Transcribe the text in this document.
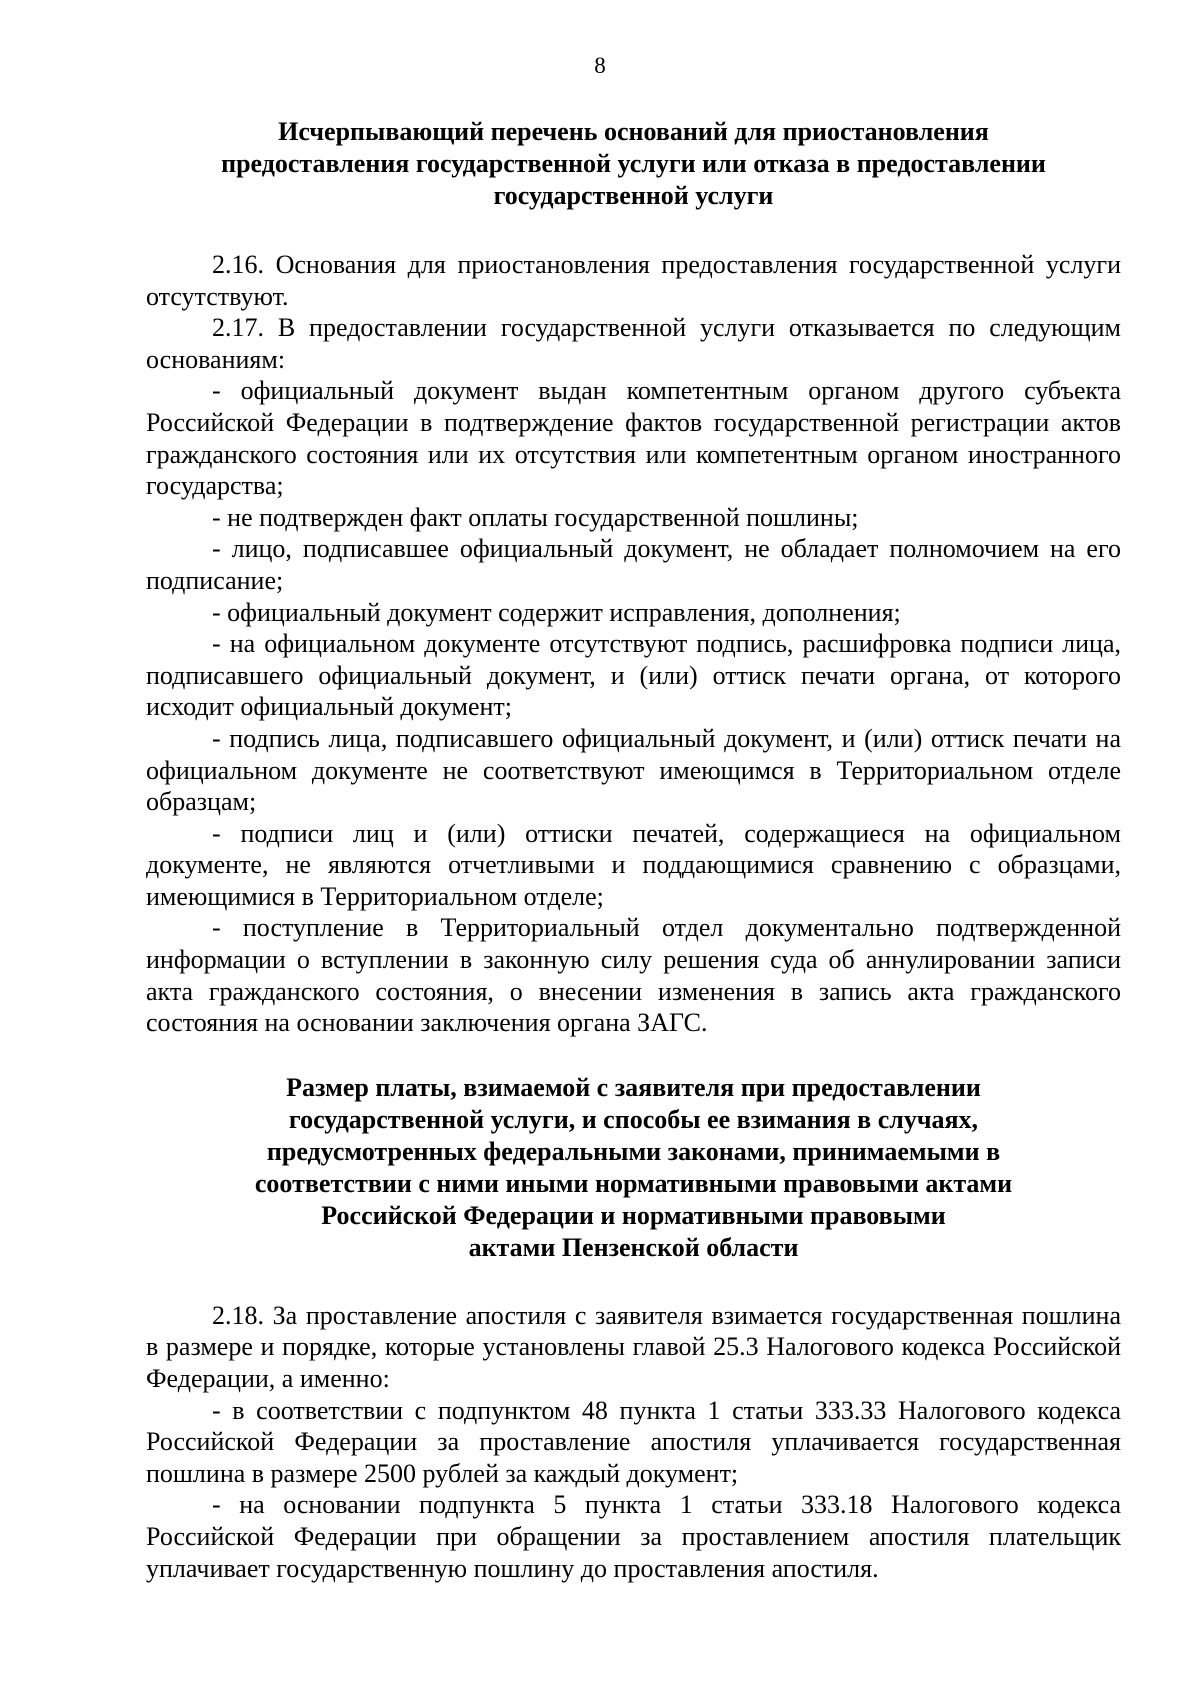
8
Исчерпывающий перечень оснований для приостановления
предоставления государственной услуги или отказа в предоставлении
государственной услуги

2.16. Основания для приостановления предоставления государственной услуги отсутствуют.

2.17. В предоставлении государственной услуги отказывается по следующим основаниям:

- официальный документ выдан компетентным органом другого субъекта Российской Федерации в подтверждение фактов государственной регистрации актов гражданского состояния или их отсутствия или компетентным органом иностранного государства;

- не подтвержден факт оплаты государственной пошлины;

- лицо, подписавшее официальный документ, не обладает полномочием на его подписание;

- официальный документ содержит исправления, дополнения;

- на официальном документе отсутствуют подпись, расшифровка подписи лица, подписавшего официальный документ, и (или) оттиск печати органа, от которого исходит официальный документ;

- подпись лица, подписавшего официальный документ, и (или) оттиск печати на официальном документе не соответствуют имеющимся в Территориальном отделе образцам;

- подписи лиц и (или) оттиски печатей, содержащиеся на официальном документе, не являются отчетливыми и поддающимися сравнению с образцами, имеющимися в Территориальном отделе;

- поступление в Территориальный отдел документально подтвержденной информации о вступлении в законную силу решения суда об аннулировании записи акта гражданского состояния, о внесении изменения в запись акта гражданского состояния на основании заключения органа ЗАГС.

Размер платы, взимаемой с заявителя при предоставлении
государственной услуги, и способы ее взимания в случаях,
предусмотренных федеральными законами, принимаемыми в
соответствии с ними иными нормативными правовыми актами
Российской Федерации и нормативными правовыми
актами Пензенской области

2.18. За проставление апостиля с заявителя взимается государственная пошлина в размере и порядке, которые установлены главой 25.3 Налогового кодекса Российской Федерации, а именно:

- в соответствии с подпунктом 48 пункта 1 статьи 333.33 Налогового кодекса Российской Федерации за проставление апостиля уплачивается государственная пошлина в размере 2500 рублей за каждый документ;

- на основании подпункта 5 пункта 1 статьи 333.18 Налогового кодекса Российской Федерации при обращении за проставлением апостиля плательщик уплачивает государственную пошлину до проставления апостиля.
